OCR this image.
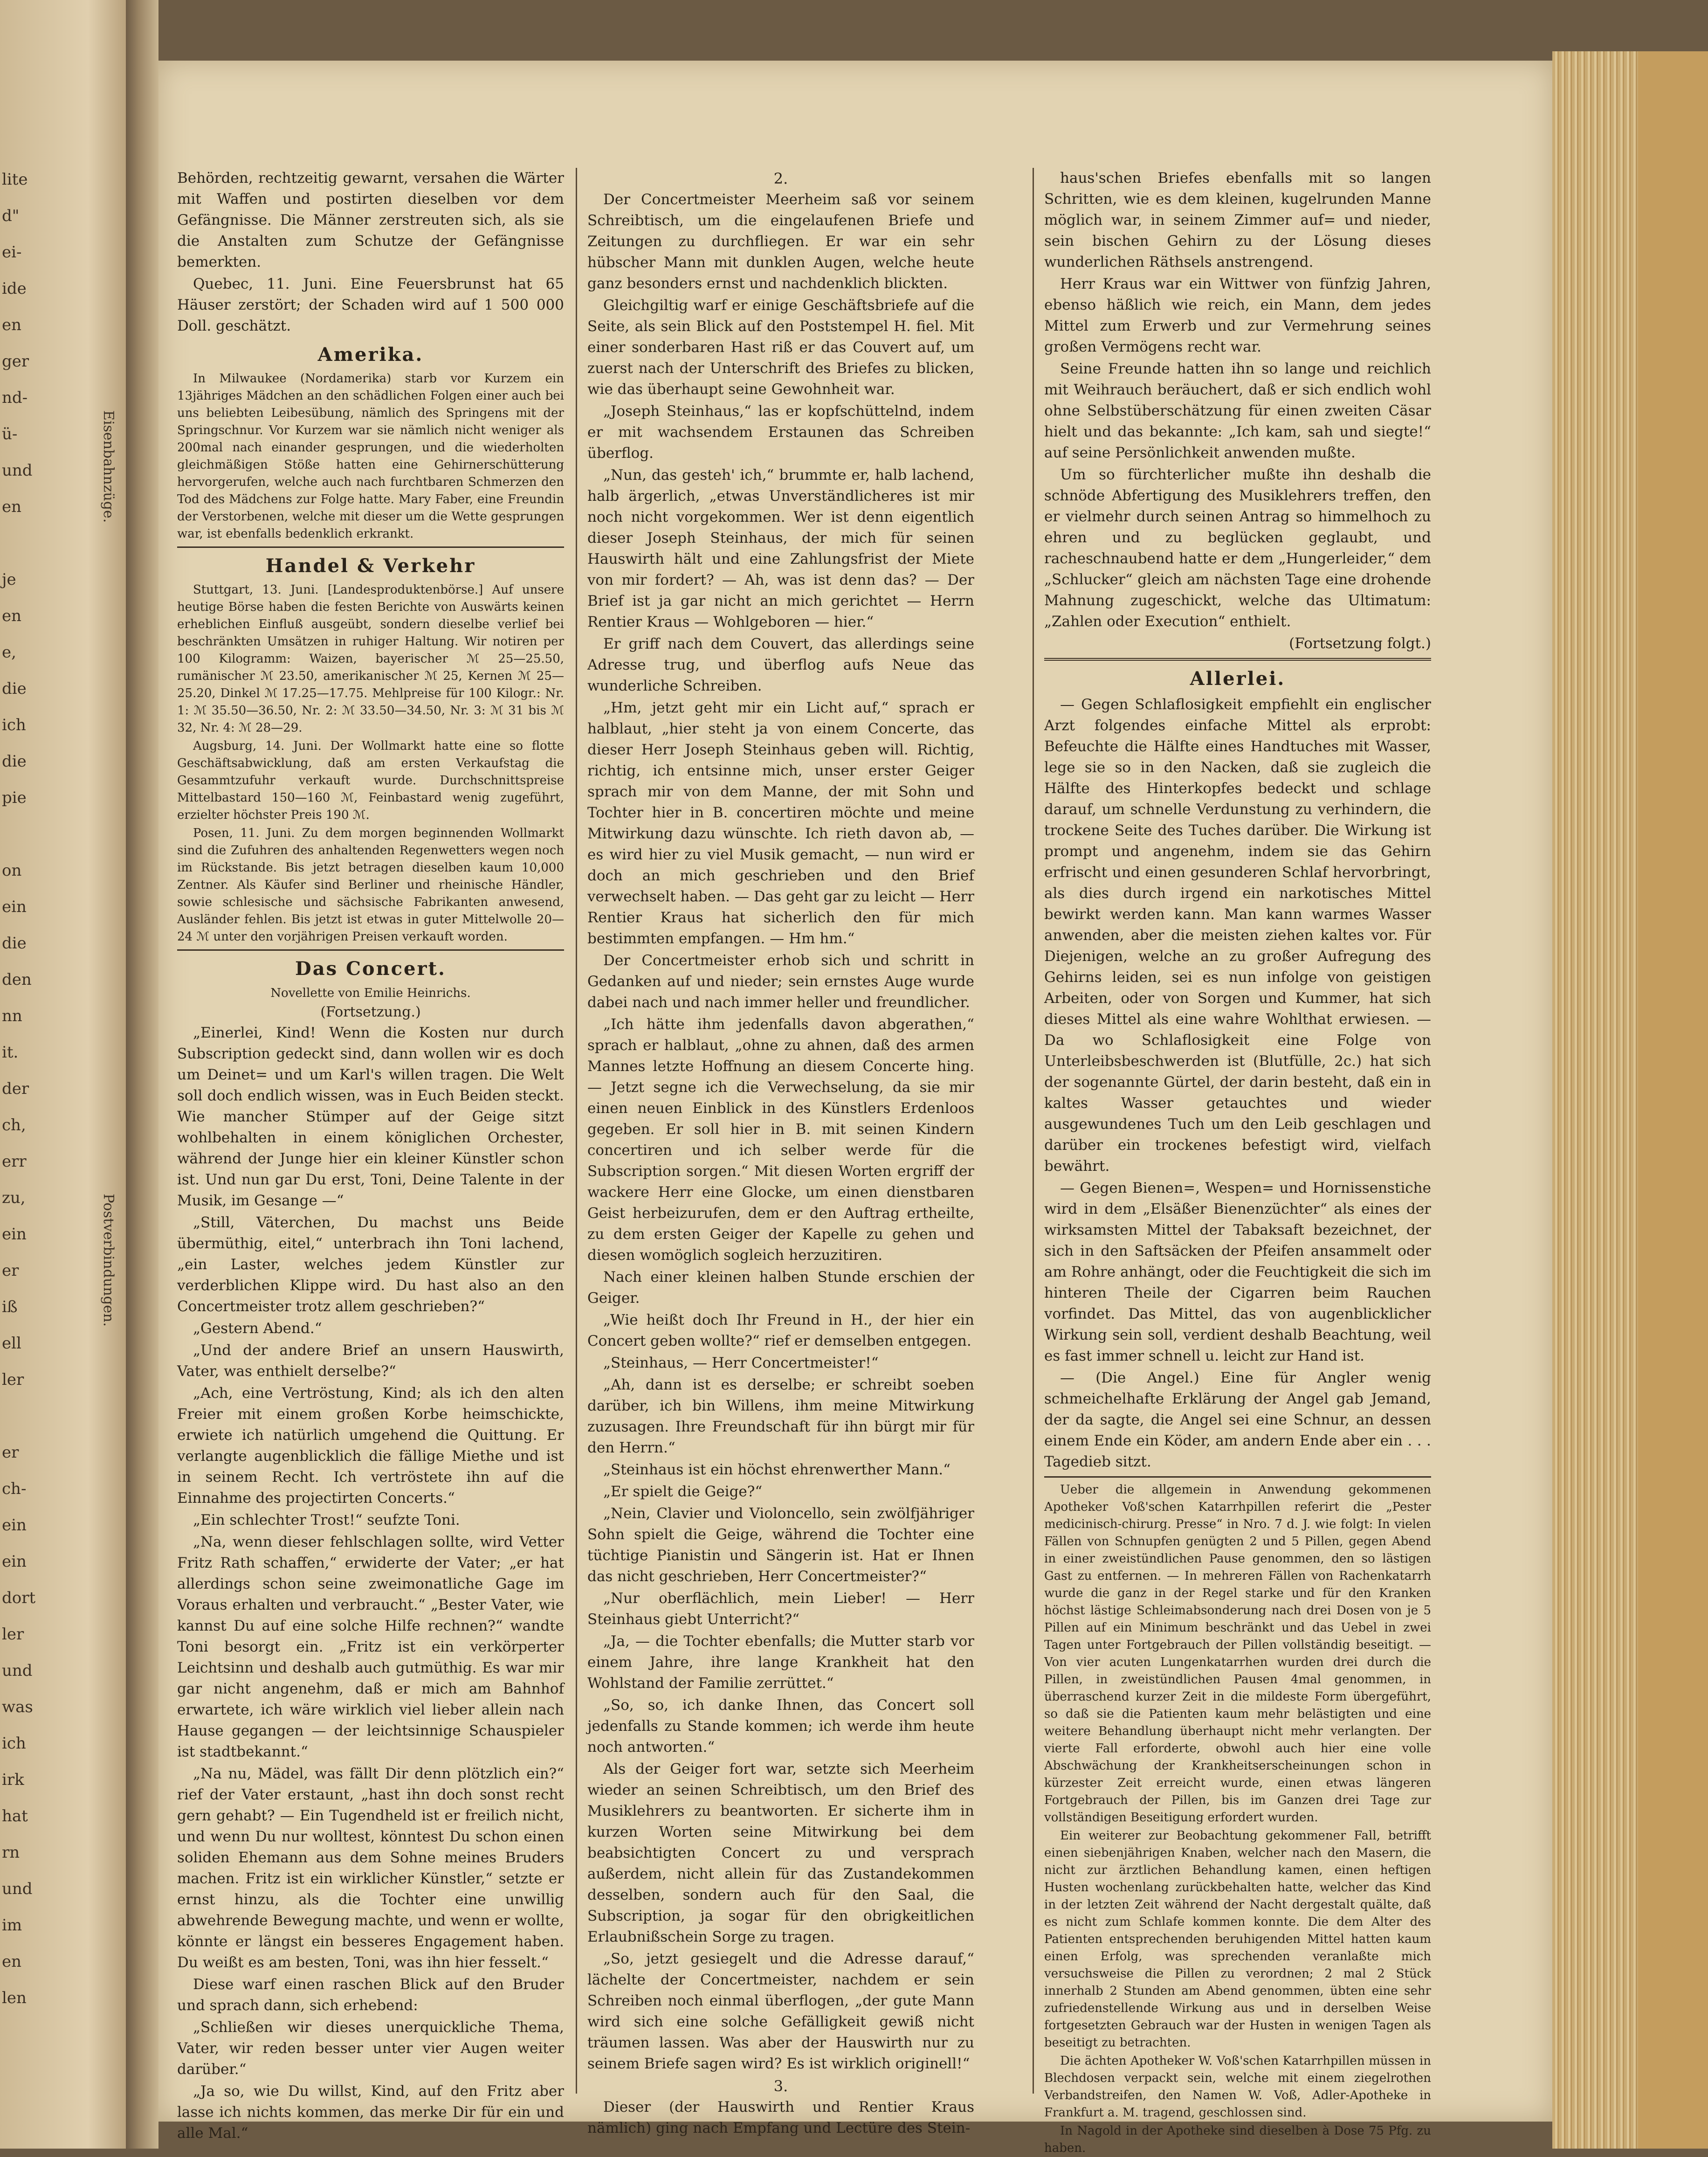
lite
d"
ei-
ide
en
ger
nd-
ü-
und
en
je
en
e,
die
ich
die
pie
on
ein
die
den
nn
it.
der
ch,
err
zu,
ein
er
iß
ell
ler
er
ch-
ein
ein
dort
ler
und
was
ich
irk
hat
rn
und
im
en
len
Eisenbahnzüge.
Postverbindungen.

Behörden, rechtzeitig gewarnt, versahen die Wärter mit Waffen und postirten dieselben vor dem Gefängnisse. Die Männer zerstreuten sich, als sie die Anstalten zum Schutze der Gefängnisse bemerkten.

Quebec, 11. Juni. Eine Feuersbrunst hat 65 Häuser zerstört; der Schaden wird auf 1 500 000 Doll. geschätzt.

Amerika.

In Milwaukee (Nordamerika) starb vor Kurzem ein 13jähriges Mädchen an den schädlichen Folgen einer auch bei uns beliebten Leibesübung, nämlich des Springens mit der Springschnur. Vor Kurzem war sie nämlich nicht weniger als 200mal nach einander gesprungen, und die wiederholten gleichmäßigen Stöße hatten eine Gehirnerschütterung hervorgerufen, welche auch nach furchtbaren Schmerzen den Tod des Mädchens zur Folge hatte. Mary Faber, eine Freundin der Verstorbenen, welche mit dieser um die Wette gesprungen war, ist ebenfalls bedenklich erkrankt.

Handel & Verkehr

Stuttgart, 13. Juni. [Landesproduktenbörse.] Auf unsere heutige Börse haben die festen Berichte von Auswärts keinen erheblichen Einfluß ausgeübt, sondern dieselbe verlief bei beschränkten Umsätzen in ruhiger Haltung. Wir notiren per 100 Kilogramm: Waizen, bayerischer ℳ 25—25.50, rumänischer ℳ 23.50, amerikanischer ℳ 25, Kernen ℳ 25—25.20, Dinkel ℳ 17.25—17.75. Mehlpreise für 100 Kilogr.: Nr. 1: ℳ 35.50—36.50, Nr. 2: ℳ 33.50—34.50, Nr. 3: ℳ 31 bis ℳ 32, Nr. 4: ℳ 28—29.

Augsburg, 14. Juni. Der Wollmarkt hatte eine so flotte Geschäftsabwicklung, daß am ersten Verkaufstag die Gesammtzufuhr verkauft wurde. Durchschnittspreise Mittelbastard 150—160 ℳ, Feinbastard wenig zugeführt, erzielter höchster Preis 190 ℳ.

Posen, 11. Juni. Zu dem morgen beginnenden Wollmarkt sind die Zufuhren des anhaltenden Regenwetters wegen noch im Rückstande. Bis jetzt betragen dieselben kaum 10,000 Zentner. Als Käufer sind Berliner und rheinische Händler, sowie schlesische und sächsische Fabrikanten anwesend, Ausländer fehlen. Bis jetzt ist etwas in guter Mittelwolle 20—24 ℳ unter den vorjährigen Preisen verkauft worden.

Das Concert.
Novellette von Emilie Heinrichs.
(Fortsetzung.)

„Einerlei, Kind! Wenn die Kosten nur durch Subscription gedeckt sind, dann wollen wir es doch um Deinet= und um Karl's willen tragen. Die Welt soll doch endlich wissen, was in Euch Beiden steckt. Wie mancher Stümper auf der Geige sitzt wohlbehalten in einem königlichen Orchester, während der Junge hier ein kleiner Künstler schon ist. Und nun gar Du erst, Toni, Deine Talente in der Musik, im Gesange —“

„Still, Väterchen, Du machst uns Beide übermüthig, eitel,“ unterbrach ihn Toni lachend, „ein Laster, welches jedem Künstler zur verderblichen Klippe wird. Du hast also an den Concertmeister trotz allem geschrieben?“

„Gestern Abend.“

„Und der andere Brief an unsern Hauswirth, Vater, was enthielt derselbe?“

„Ach, eine Vertröstung, Kind; als ich den alten Freier mit einem großen Korbe heimschickte, erwiete ich natürlich umgehend die Quittung. Er verlangte augenblicklich die fällige Miethe und ist in seinem Recht. Ich vertröstete ihn auf die Einnahme des projectirten Concerts.“

„Ein schlechter Trost!“ seufzte Toni.

„Na, wenn dieser fehlschlagen sollte, wird Vetter Fritz Rath schaffen,“ erwiderte der Vater; „er hat allerdings schon seine zweimonatliche Gage im Voraus erhalten und verbraucht.“ „Bester Vater, wie kannst Du auf eine solche Hilfe rechnen?“ wandte Toni besorgt ein. „Fritz ist ein verkörperter Leichtsinn und deshalb auch gutmüthig. Es war mir gar nicht angenehm, daß er mich am Bahnhof erwartete, ich wäre wirklich viel lieber allein nach Hause gegangen — der leichtsinnige Schauspieler ist stadtbekannt.“

„Na nu, Mädel, was fällt Dir denn plötzlich ein?“ rief der Vater erstaunt, „hast ihn doch sonst recht gern gehabt? — Ein Tugendheld ist er freilich nicht, und wenn Du nur wolltest, könntest Du schon einen soliden Ehemann aus dem Sohne meines Bruders machen. Fritz ist ein wirklicher Künstler,“ setzte er ernst hinzu, als die Tochter eine unwillig abwehrende Bewegung machte, und wenn er wollte, könnte er längst ein besseres Engagement haben. Du weißt es am besten, Toni, was ihn hier fesselt.“

Diese warf einen raschen Blick auf den Bruder und sprach dann, sich erhebend:

„Schließen wir dieses unerquickliche Thema, Vater, wir reden besser unter vier Augen weiter darüber.“

„Ja so, wie Du willst, Kind, auf den Fritz aber lasse ich nichts kommen, das merke Dir für ein und alle Mal.“

2.

Der Concertmeister Meerheim saß vor seinem Schreibtisch, um die eingelaufenen Briefe und Zeitungen zu durchfliegen. Er war ein sehr hübscher Mann mit dunklen Augen, welche heute ganz besonders ernst und nachdenklich blickten.

Gleichgiltig warf er einige Geschäftsbriefe auf die Seite, als sein Blick auf den Poststempel H. fiel. Mit einer sonderbaren Hast riß er das Couvert auf, um zuerst nach der Unterschrift des Briefes zu blicken, wie das überhaupt seine Gewohnheit war.

„Joseph Steinhaus,“ las er kopfschüttelnd, indem er mit wachsendem Erstaunen das Schreiben überflog.

„Nun, das gesteh' ich,“ brummte er, halb lachend, halb ärgerlich, „etwas Unverständlicheres ist mir noch nicht vorgekommen. Wer ist denn eigentlich dieser Joseph Steinhaus, der mich für seinen Hauswirth hält und eine Zahlungsfrist der Miete von mir fordert? — Ah, was ist denn das? — Der Brief ist ja gar nicht an mich gerichtet — Herrn Rentier Kraus — Wohlgeboren — hier.“

Er griff nach dem Couvert, das allerdings seine Adresse trug, und überflog aufs Neue das wunderliche Schreiben.

„Hm, jetzt geht mir ein Licht auf,“ sprach er halblaut, „hier steht ja von einem Concerte, das dieser Herr Joseph Steinhaus geben will. Richtig, richtig, ich entsinne mich, unser erster Geiger sprach mir von dem Manne, der mit Sohn und Tochter hier in B. concertiren möchte und meine Mitwirkung dazu wünschte. Ich rieth davon ab, — es wird hier zu viel Musik gemacht, — nun wird er doch an mich geschrieben und den Brief verwechselt haben. — Das geht gar zu leicht — Herr Rentier Kraus hat sicherlich den für mich bestimmten empfangen. — Hm hm.“

Der Concertmeister erhob sich und schritt in Gedanken auf und nieder; sein ernstes Auge wurde dabei nach und nach immer heller und freundlicher.

„Ich hätte ihm jedenfalls davon abgerathen,“ sprach er halblaut, „ohne zu ahnen, daß des armen Mannes letzte Hoffnung an diesem Concerte hing. — Jetzt segne ich die Verwechselung, da sie mir einen neuen Einblick in des Künstlers Erdenloos gegeben. Er soll hier in B. mit seinen Kindern concertiren und ich selber werde für die Subscription sorgen.“ Mit diesen Worten ergriff der wackere Herr eine Glocke, um einen dienstbaren Geist herbeizurufen, dem er den Auftrag ertheilte, zu dem ersten Geiger der Kapelle zu gehen und diesen womöglich sogleich herzuzitiren.

Nach einer kleinen halben Stunde erschien der Geiger.

„Wie heißt doch Ihr Freund in H., der hier ein Concert geben wollte?“ rief er demselben entgegen.

„Steinhaus, — Herr Concertmeister!“

„Ah, dann ist es derselbe; er schreibt soeben darüber, ich bin Willens, ihm meine Mitwirkung zuzusagen. Ihre Freundschaft für ihn bürgt mir für den Herrn.“

„Steinhaus ist ein höchst ehrenwerther Mann.“

„Er spielt die Geige?“

„Nein, Clavier und Violoncello, sein zwölfjähriger Sohn spielt die Geige, während die Tochter eine tüchtige Pianistin und Sängerin ist. Hat er Ihnen das nicht geschrieben, Herr Concertmeister?“

„Nur oberflächlich, mein Lieber! — Herr Steinhaus giebt Unterricht?“

„Ja, — die Tochter ebenfalls; die Mutter starb vor einem Jahre, ihre lange Krankheit hat den Wohlstand der Familie zerrüttet.“

„So, so, ich danke Ihnen, das Concert soll jedenfalls zu Stande kommen; ich werde ihm heute noch antworten.“

Als der Geiger fort war, setzte sich Meerheim wieder an seinen Schreibtisch, um den Brief des Musiklehrers zu beantworten. Er sicherte ihm in kurzen Worten seine Mitwirkung bei dem beabsichtigten Concert zu und versprach außerdem, nicht allein für das Zustandekommen desselben, sondern auch für den Saal, die Subscription, ja sogar für den obrigkeitlichen Erlaubnißschein Sorge zu tragen.

„So, jetzt gesiegelt und die Adresse darauf,“ lächelte der Concertmeister, nachdem er sein Schreiben noch einmal überflogen, „der gute Mann wird sich eine solche Gefälligkeit gewiß nicht träumen lassen. Was aber der Hauswirth nur zu seinem Briefe sagen wird? Es ist wirklich originell!“

3.

Dieser (der Hauswirth und Rentier Kraus nämlich) ging nach Empfang und Lectüre des Stein-

haus'schen Briefes ebenfalls mit so langen Schritten, wie es dem kleinen, kugelrunden Manne möglich war, in seinem Zimmer auf= und nieder, sein bischen Gehirn zu der Lösung dieses wunderlichen Räthsels anstrengend.

Herr Kraus war ein Wittwer von fünfzig Jahren, ebenso häßlich wie reich, ein Mann, dem jedes Mittel zum Erwerb und zur Vermehrung seines großen Vermögens recht war.

Seine Freunde hatten ihn so lange und reichlich mit Weihrauch beräuchert, daß er sich endlich wohl ohne Selbstüberschätzung für einen zweiten Cäsar hielt und das bekannte: „Ich kam, sah und siegte!“ auf seine Persönlichkeit anwenden mußte.

Um so fürchterlicher mußte ihn deshalb die schnöde Abfertigung des Musiklehrers treffen, den er vielmehr durch seinen Antrag so himmelhoch zu ehren und zu beglücken geglaubt, und racheschnaubend hatte er dem „Hungerleider,“ dem „Schlucker“ gleich am nächsten Tage eine drohende Mahnung zugeschickt, welche das Ultimatum: „Zahlen oder Execution“ enthielt.

(Fortsetzung folgt.)

Allerlei.

— Gegen Schlaflosigkeit empfiehlt ein englischer Arzt folgendes einfache Mittel als erprobt: Befeuchte die Hälfte eines Handtuches mit Wasser, lege sie so in den Nacken, daß sie zugleich die Hälfte des Hinterkopfes bedeckt und schlage darauf, um schnelle Verdunstung zu verhindern, die trockene Seite des Tuches darüber. Die Wirkung ist prompt und angenehm, indem sie das Gehirn erfrischt und einen gesunderen Schlaf hervorbringt, als dies durch irgend ein narkotisches Mittel bewirkt werden kann. Man kann warmes Wasser anwenden, aber die meisten ziehen kaltes vor. Für Diejenigen, welche an zu großer Aufregung des Gehirns leiden, sei es nun infolge von geistigen Arbeiten, oder von Sorgen und Kummer, hat sich dieses Mittel als eine wahre Wohlthat erwiesen. — Da wo Schlaflosigkeit eine Folge von Unterleibsbeschwerden ist (Blutfülle, 2c.) hat sich der sogenannte Gürtel, der darin besteht, daß ein in kaltes Wasser getauchtes und wieder ausgewundenes Tuch um den Leib geschlagen und darüber ein trockenes befestigt wird, vielfach bewährt.

— Gegen Bienen=, Wespen= und Hornissenstiche wird in dem „Elsäßer Bienenzüchter“ als eines der wirksamsten Mittel der Tabaksaft bezeichnet, der sich in den Saftsäcken der Pfeifen ansammelt oder am Rohre anhängt, oder die Feuchtigkeit die sich im hinteren Theile der Cigarren beim Rauchen vorfindet. Das Mittel, das von augenblicklicher Wirkung sein soll, verdient deshalb Beachtung, weil es fast immer schnell u. leicht zur Hand ist.

— (Die Angel.) Eine für Angler wenig schmeichelhafte Erklärung der Angel gab Jemand, der da sagte, die Angel sei eine Schnur, an dessen einem Ende ein Köder, am andern Ende aber ein . . . Tagedieb sitzt.

Ueber die allgemein in Anwendung gekommenen Apotheker Voß'schen Katarrhpillen referirt die „Pester medicinisch-chirurg. Presse“ in Nro. 7 d. J. wie folgt: In vielen Fällen von Schnupfen genügten 2 und 5 Pillen, gegen Abend in einer zweistündlichen Pause genommen, den so lästigen Gast zu entfernen. — In mehreren Fällen von Rachenkatarrh wurde die ganz in der Regel starke und für den Kranken höchst lästige Schleimabsonderung nach drei Dosen von je 5 Pillen auf ein Minimum beschränkt und das Uebel in zwei Tagen unter Fortgebrauch der Pillen vollständig beseitigt. — Von vier acuten Lungenkatarrhen wurden drei durch die Pillen, in zweistündlichen Pausen 4mal genommen, in überraschend kurzer Zeit in die mildeste Form übergeführt, so daß sie die Patienten kaum mehr belästigten und eine weitere Behandlung überhaupt nicht mehr verlangten. Der vierte Fall erforderte, obwohl auch hier eine volle Abschwächung der Krankheitserscheinungen schon in kürzester Zeit erreicht wurde, einen etwas längeren Fortgebrauch der Pillen, bis im Ganzen drei Tage zur vollständigen Beseitigung erfordert wurden.

Ein weiterer zur Beobachtung gekommener Fall, betrifft einen siebenjährigen Knaben, welcher nach den Masern, die nicht zur ärztlichen Behandlung kamen, einen heftigen Husten wochenlang zurückbehalten hatte, welcher das Kind in der letzten Zeit während der Nacht dergestalt quälte, daß es nicht zum Schlafe kommen konnte. Die dem Alter des Patienten entsprechenden beruhigenden Mittel hatten kaum einen Erfolg, was sprechenden veranlaßte mich versuchsweise die Pillen zu verordnen; 2 mal 2 Stück innerhalb 2 Stunden am Abend genommen, übten eine sehr zufriedenstellende Wirkung aus und in derselben Weise fortgesetzten Gebrauch war der Husten in wenigen Tagen als beseitigt zu betrachten.

Die ächten Apotheker W. Voß'schen Katarrhpillen müssen in Blechdosen verpackt sein, welche mit einem ziegelrothen Verbandstreifen, den Namen W. Voß, Adler-Apotheke in Frankfurt a. M. tragend, geschlossen sind.

In Nagold in der Apotheke sind dieselben à Dose 75 Pfg. zu haben.
